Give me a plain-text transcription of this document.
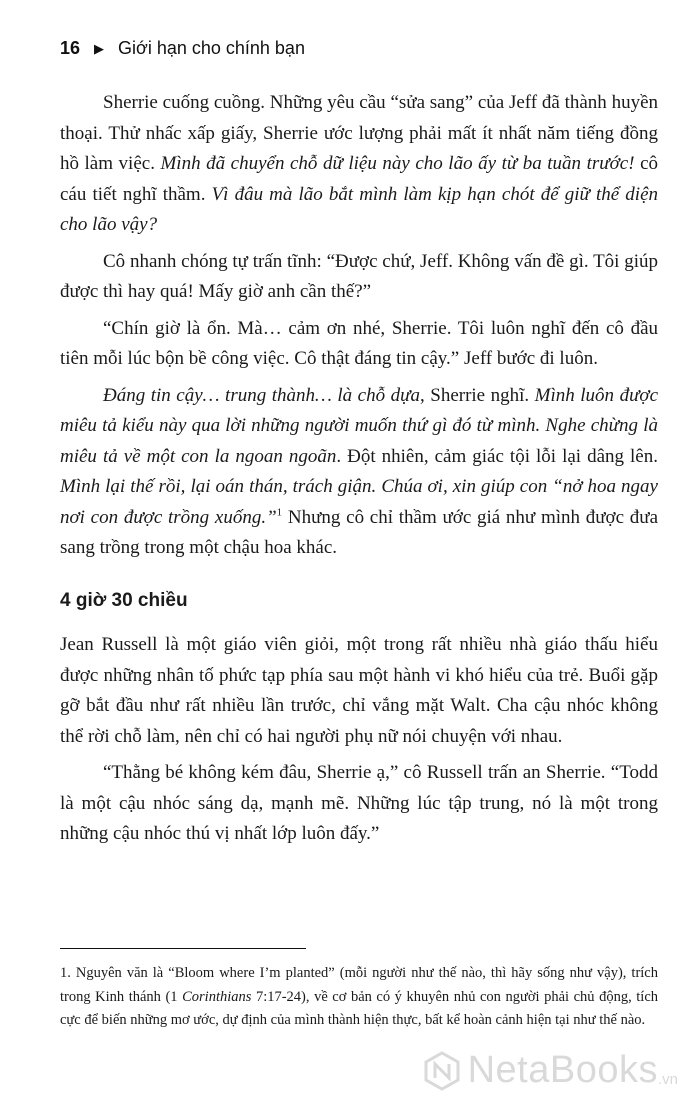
16 ▶ Giới hạn cho chính bạn

Sherrie cuống cuồng. Những yêu cầu “sửa sang” của Jeff đã thành huyền thoại. Thử nhấc xấp giấy, Sherrie ước lượng phải mất ít nhất năm tiếng đồng hồ làm việc. Mình đã chuyển chỗ dữ liệu này cho lão ấy từ ba tuần trước! cô cáu tiết nghĩ thầm. Vì đâu mà lão bắt mình làm kịp hạn chót để giữ thể diện cho lão vậy?

Cô nhanh chóng tự trấn tĩnh: “Được chứ, Jeff. Không vấn đề gì. Tôi giúp được thì hay quá! Mấy giờ anh cần thế?”

“Chín giờ là ổn. Mà… cảm ơn nhé, Sherrie. Tôi luôn nghĩ đến cô đầu tiên mỗi lúc bộn bề công việc. Cô thật đáng tin cậy.” Jeff bước đi luôn.

Đáng tin cậy… trung thành… là chỗ dựa, Sherrie nghĩ. Mình luôn được miêu tả kiểu này qua lời những người muốn thứ gì đó từ mình. Nghe chừng là miêu tả về một con la ngoan ngoãn. Đột nhiên, cảm giác tội lỗi lại dâng lên. Mình lại thế rồi, lại oán thán, trách giận. Chúa ơi, xin giúp con “nở hoa ngay nơi con được trồng xuống.”$^1$ Nhưng cô chỉ thầm ước giá như mình được đưa sang trồng trong một chậu hoa khác.

4 giờ 30 chiều

Jean Russell là một giáo viên giỏi, một trong rất nhiều nhà giáo thấu hiểu được những nhân tố phức tạp phía sau một hành vi khó hiểu của trẻ. Buổi gặp gỡ bắt đầu như rất nhiều lần trước, chỉ vắng mặt Walt. Cha cậu nhóc không thể rời chỗ làm, nên chỉ có hai người phụ nữ nói chuyện với nhau.

“Thằng bé không kém đâu, Sherrie ạ,” cô Russell trấn an Sherrie. “Todd là một cậu nhóc sáng dạ, mạnh mẽ. Những lúc tập trung, nó là một trong những cậu nhóc thú vị nhất lớp luôn đấy.”

1. Nguyên văn là “Bloom where I’m planted” (mỗi người như thế nào, thì hãy sống như vậy), trích trong Kinh thánh (1 Corinthians 7:17-24), về cơ bản có ý khuyên nhủ con người phải chủ động, tích cực để biến những mơ ước, dự định của mình thành hiện thực, bất kể hoàn cảnh hiện tại như thế nào.
NetaBooks .vn
